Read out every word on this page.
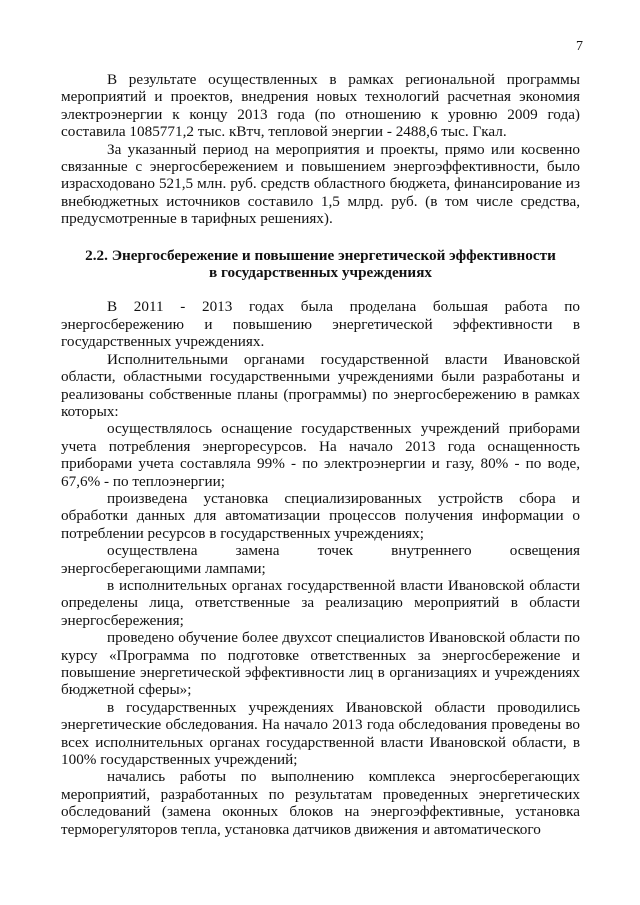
7

В результате осуществленных в рамках региональной программы мероприятий и проектов, внедрения новых технологий расчетная экономия электроэнергии к концу 2013 года (по отношению к уровню 2009 года) составила 1085771,2 тыс. кВтч, тепловой энергии - 2488,6 тыс. Гкал.

За указанный период на мероприятия и проекты, прямо или косвенно связанные с энергосбережением и повышением энергоэффективности, было израсходовано 521,5 млн. руб. средств областного бюджета, финансирование из внебюджетных источников составило 1,5 млрд. руб. (в том числе средства, предусмотренные в тарифных решениях).

2.2. Энергосбережение и повышение энергетической эффективности
в государственных учреждениях

В 2011 - 2013 годах была проделана большая работа по энергосбережению и повышению энергетической эффективности в государственных учреждениях.

Исполнительными органами государственной власти Ивановской области, областными государственными учреждениями были разработаны и реализованы собственные планы (программы) по энергосбережению в рамках которых:

осуществлялось оснащение государственных учреждений приборами учета потребления энергоресурсов. На начало 2013 года оснащенность приборами учета составляла 99% - по электроэнергии и газу, 80% - по воде, 67,6% - по теплоэнергии;

произведена установка специализированных устройств сбора и обработки данных для автоматизации процессов получения информации о потреблении ресурсов в государственных учреждениях;

осуществлена замена точек внутреннего освещения энергосберегающими лампами;

в исполнительных органах государственной власти Ивановской области определены лица, ответственные за реализацию мероприятий в области энергосбережения;

проведено обучение более двухсот специалистов Ивановской области по курсу «Программа по подготовке ответственных за энергосбережение и повышение энергетической эффективности лиц в организациях и учреждениях бюджетной сферы»;

в государственных учреждениях Ивановской области проводились энергетические обследования. На начало 2013 года обследования проведены во всех исполнительных органах государственной власти Ивановской области, в 100% государственных учреждений;

начались работы по выполнению комплекса энергосберегающих мероприятий, разработанных по результатам проведенных энергетических обследований (замена оконных блоков на энергоэффективные, установка терморегуляторов тепла, установка датчиков движения и автоматического
